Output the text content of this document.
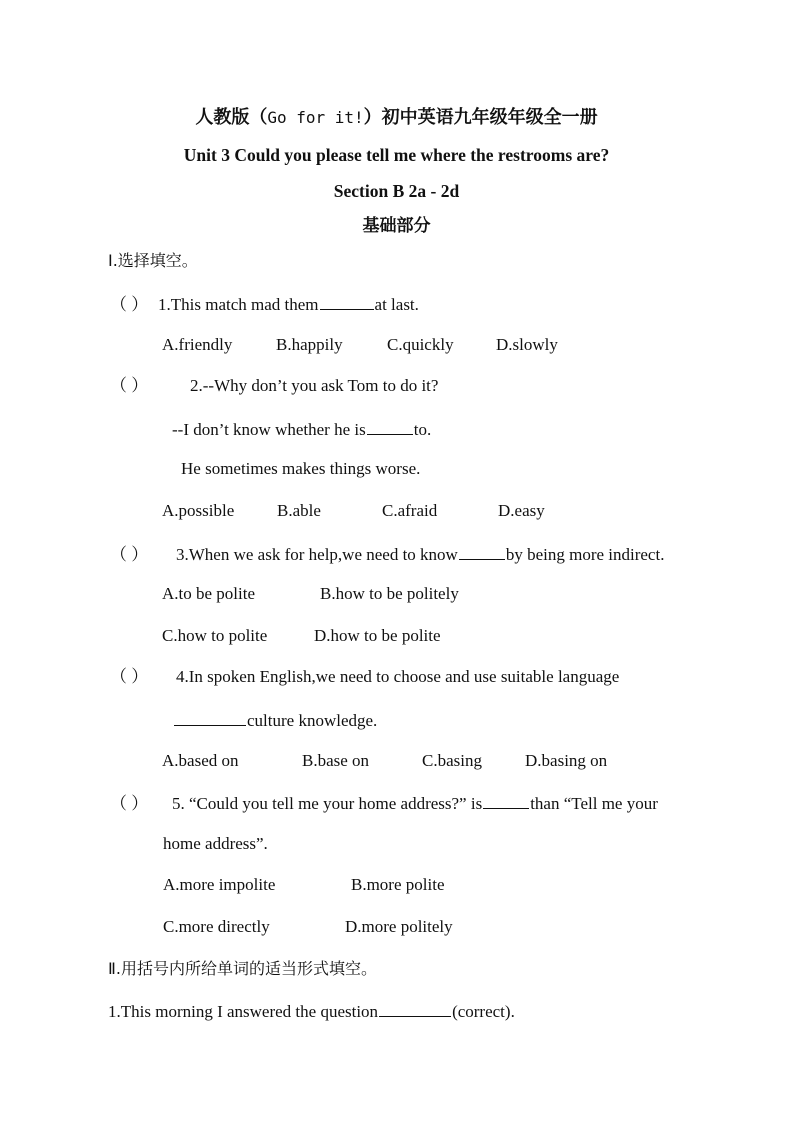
人教版（Go for it!）初中英语九年级年级全一册
Unit 3 Could you please tell me where the restrooms are?
Section B 2a - 2d
基础部分
Ⅰ.选择填空。
（ ） 1.This match mad them	at last.
A.friendly	B.happily	C.quickly D.slowly
（ ） 2.--Why don’t you ask Tom to do it?
--I don’t know whether he is	to.
He sometimes makes things worse.
A.possible	B.able	C.afraid	D.easy
（ ） 3.When we ask for help,we need to know	by being more indirect.
A.to be polite	B.how to be politely
C.how to polite	D.how to be polite
（ ） 4.In spoken English,we need to choose and use suitable language
culture knowledge.
A.based on	B.base on	C.basing	D.basing on
（ ） 5. “Could you tell me your home address?” is	than “Tell me your
home address”.
A.more impolite	B.more polite
C.more directly	D.more politely
Ⅱ.用括号内所给单词的适当形式填空。
1.This morning I answered the question	(correct).
